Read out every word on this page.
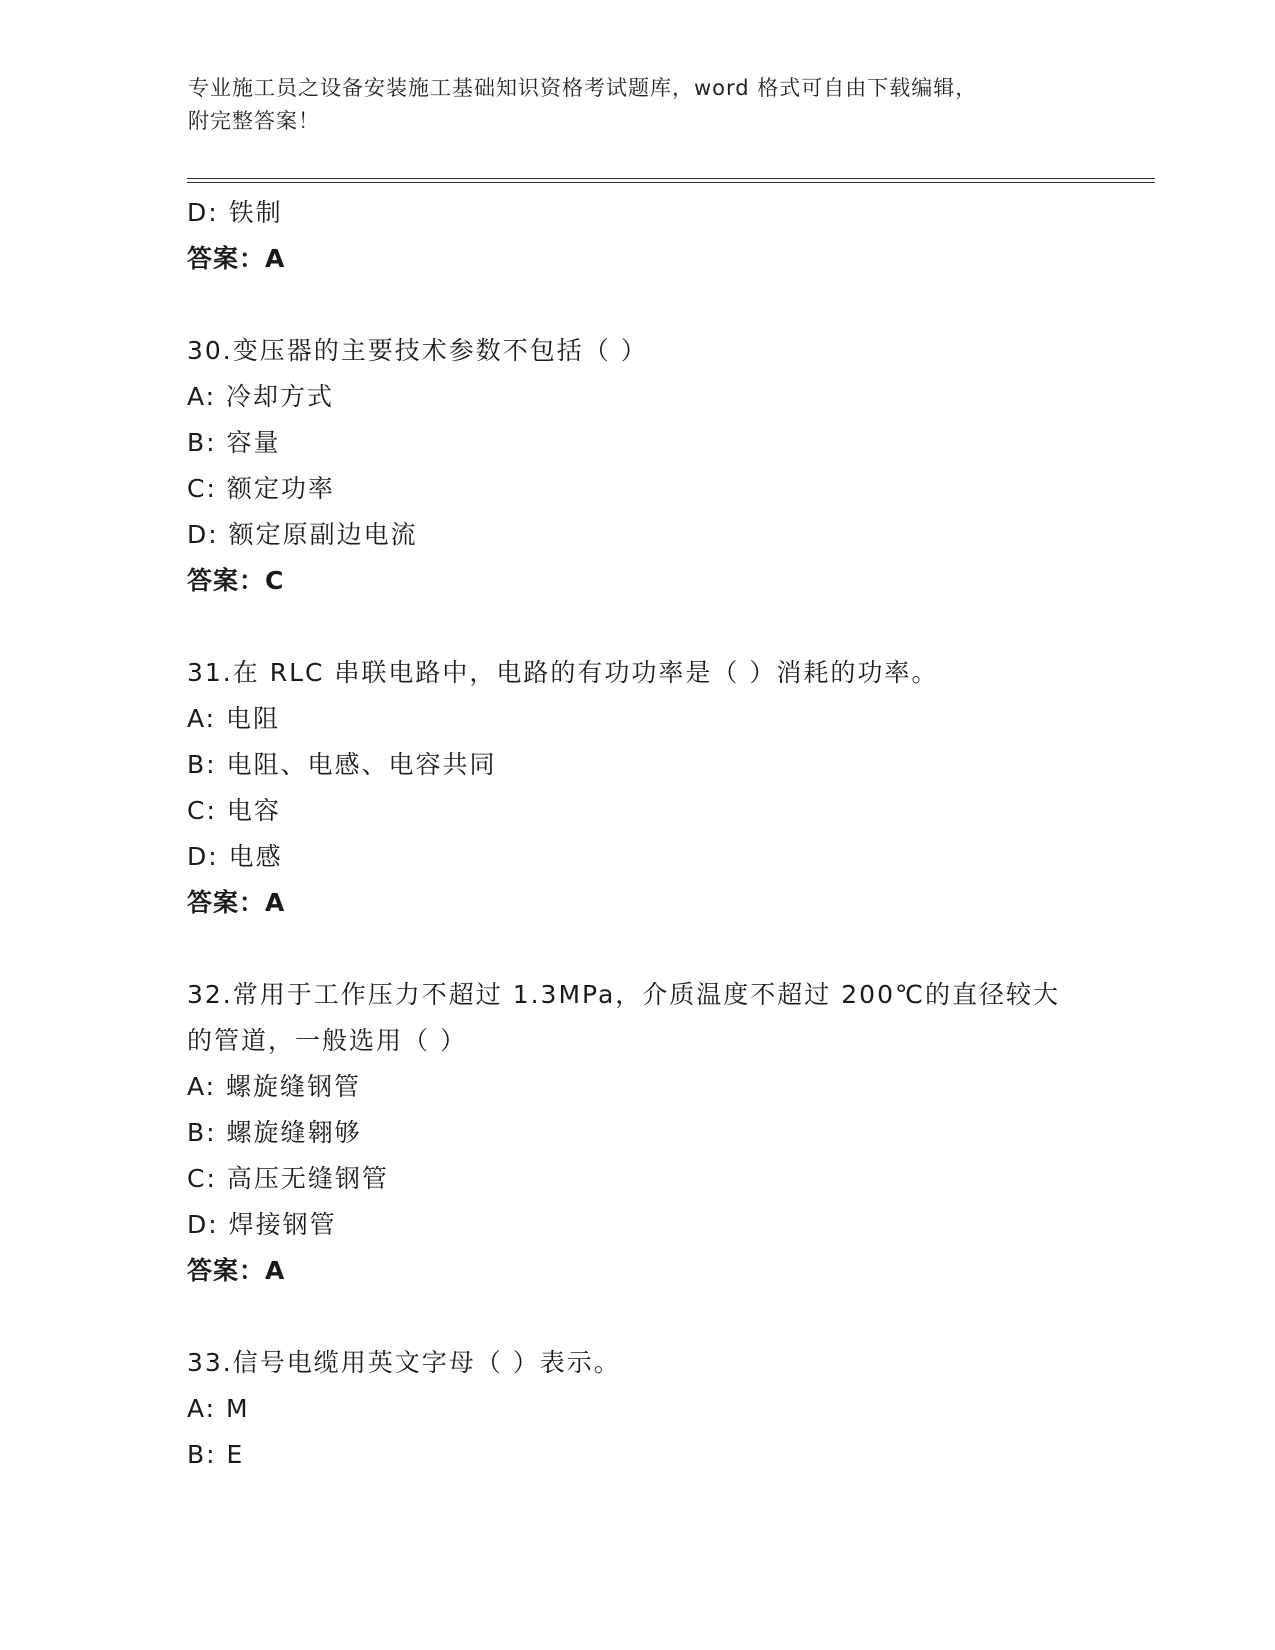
专业施工员之设备安装施工基础知识资格考试题库，word 格式可自由下载编辑，
附完整答案！
D: 铁制
答案：A
30.变压器的主要技术参数不包括（ ）
A: 冷却方式
B: 容量
C: 额定功率
D: 额定原副边电流
答案：C
31.在 RLC 串联电路中，电路的有功功率是（ ）消耗的功率。
A: 电阻
B: 电阻、电感、电容共同
C: 电容
D: 电感
答案：A
32.常用于工作压力不超过 1.3MPa，介质温度不超过 200℃的直径较大
的管道，一般选用（ ）
A: 螺旋缝钢管
B: 螺旋缝翱够
C: 高压无缝钢管
D: 焊接钢管
答案：A
33.信号电缆用英文字母（ ）表示。
A: M
B: E
